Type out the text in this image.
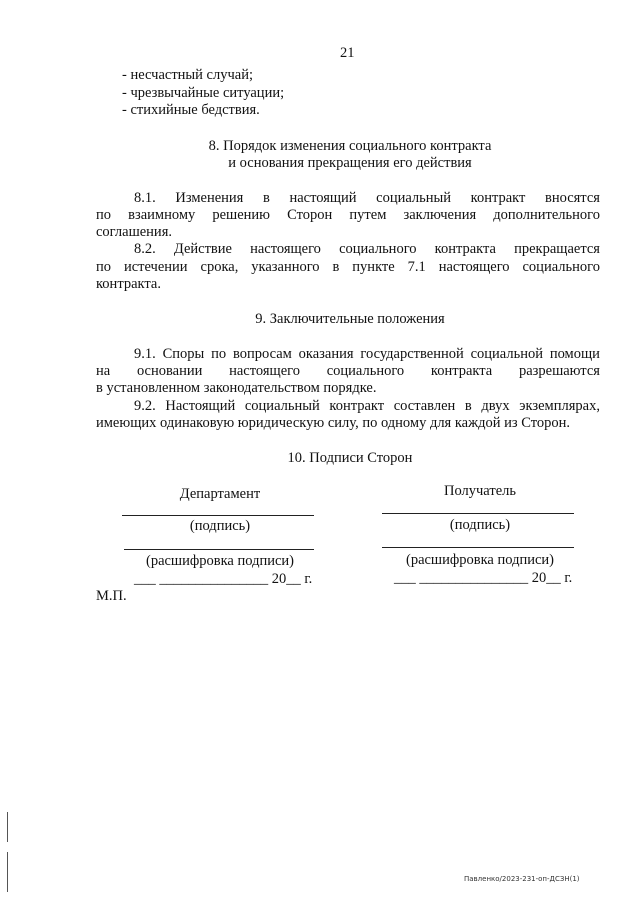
21
- несчастный случай;
- чрезвычайные ситуации;
- стихийные бедствия.
8. Порядок изменения социального контракта
и основания прекращения его действия
8.1. Изменения в настоящий социальный контракт вносятся
по взаимному решению Сторон путем заключения дополнительного
соглашения.
8.2. Действие настоящего социального контракта прекращается
по истечении срока, указанного в пункте 7.1 настоящего социального
контракта.
9. Заключительные положения
9.1. Споры по вопросам оказания государственной социальной помощи
на основании настоящего социального контракта разрешаются
в установленном законодательством порядке.
9.2. Настоящий социальный контракт составлен в двух экземплярах,
имеющих одинаковую юридическую силу, по одному для каждой из Сторон.
10. Подписи Сторон
Департамент
(подпись)
(расшифровка подписи)
___ _______________ 20__ г.
Получатель
(подпись)
(расшифровка подписи)
___ _______________ 20__ г.
М.П.
Павленко/2023-231-оп-ДСЗН(1)
